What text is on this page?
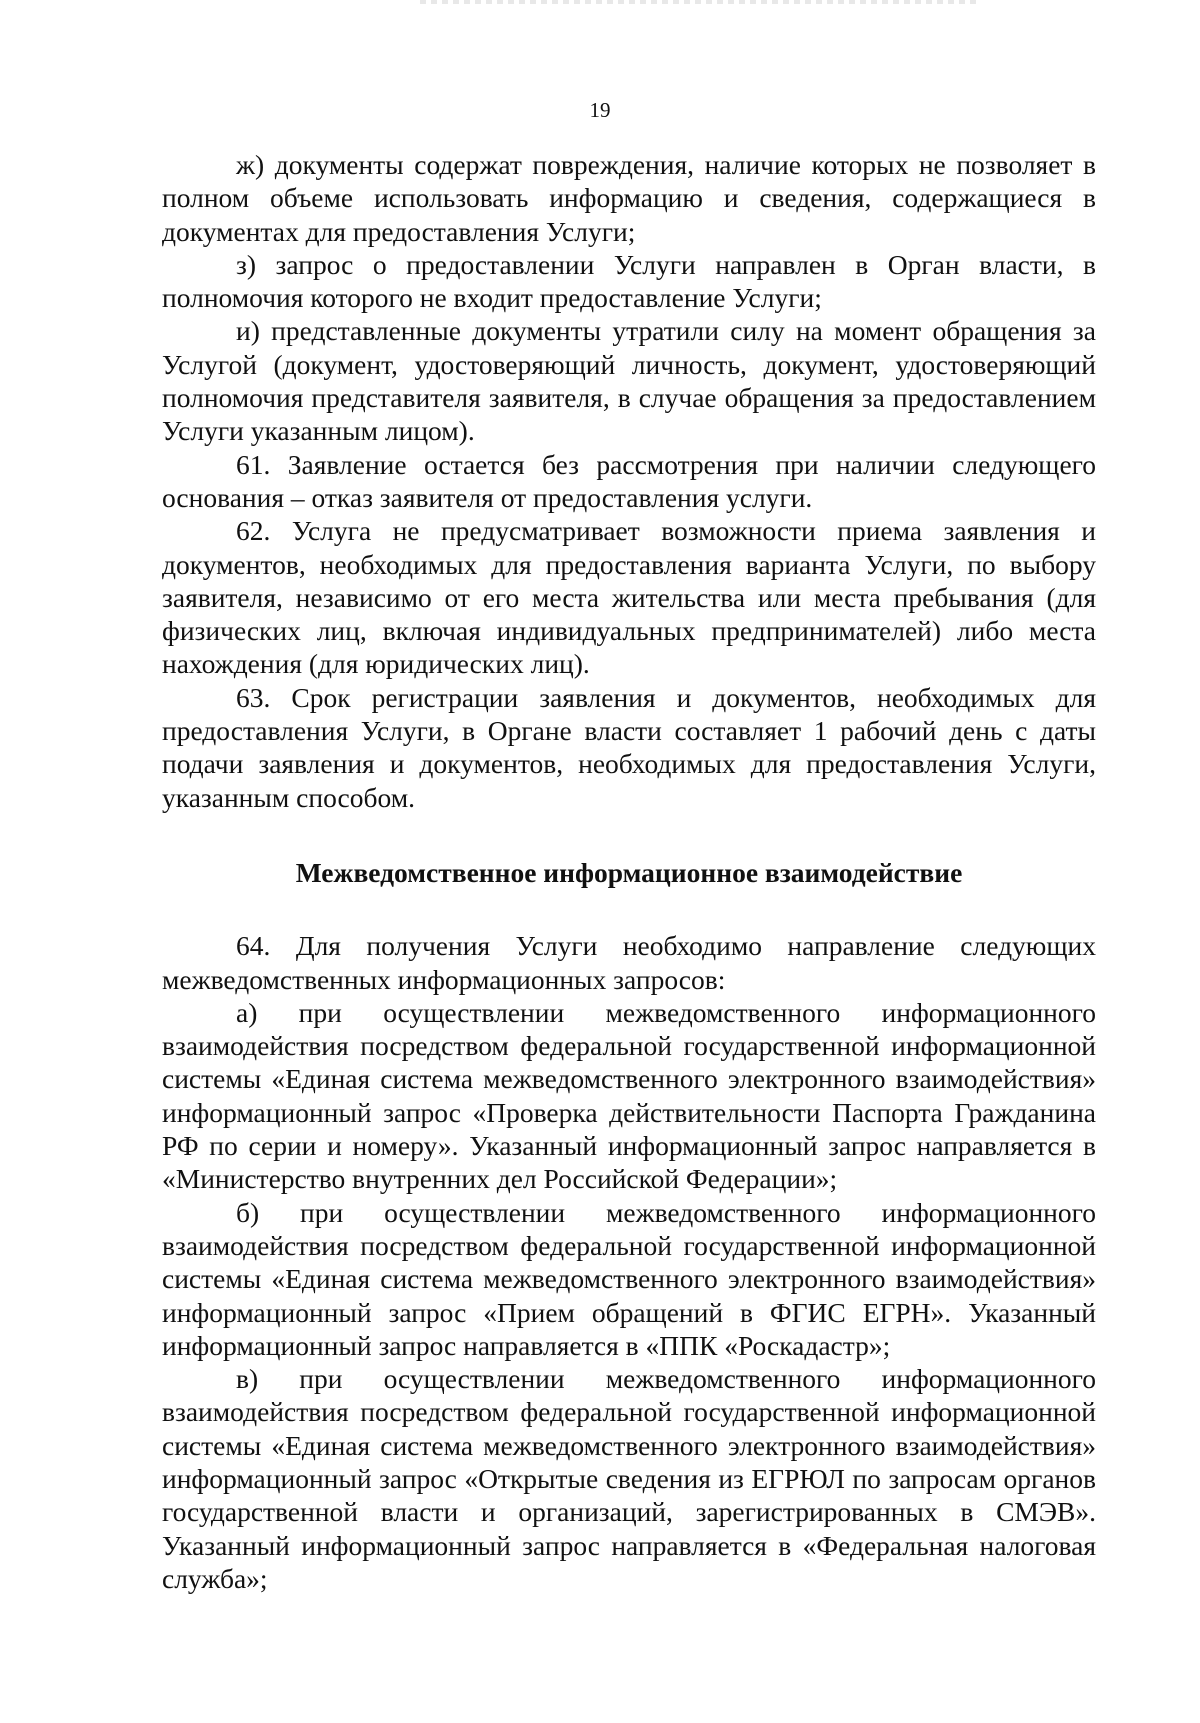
19

ж) документы содержат повреждения, наличие которых не позволяет в полном объеме использовать информацию и сведения, содержащиеся в документах для предоставления Услуги;

з) запрос о предоставлении Услуги направлен в Орган власти, в полномочия которого не входит предоставление Услуги;

и) представленные документы утратили силу на момент обращения за Услугой (документ, удостоверяющий личность, документ, удостоверяющий полномочия представителя заявителя, в случае обращения за предоставлением Услуги указанным лицом).

61. Заявление остается без рассмотрения при наличии следующего основания – отказ заявителя от предоставления услуги.

62. Услуга не предусматривает возможности приема заявления и документов, необходимых для предоставления варианта Услуги, по выбору заявителя, независимо от его места жительства или места пребывания (для физических лиц, включая индивидуальных предпринимателей) либо места нахождения (для юридических лиц).

63. Срок регистрации заявления и документов, необходимых для предоставления Услуги, в Органе власти составляет 1 рабочий день с даты подачи заявления и документов, необходимых для предоставления Услуги, указанным способом.

Межведомственное информационное взаимодействие

64. Для получения Услуги необходимо направление следующих межведомственных информационных запросов:

а) при осуществлении межведомственного информационного взаимодействия посредством федеральной государственной информационной системы «Единая система межведомственного электронного взаимодействия» информационный запрос «Проверка действительности Паспорта Гражданина РФ по серии и номеру». Указанный информационный запрос направляется в «Министерство внутренних дел Российской Федерации»;

б) при осуществлении межведомственного информационного взаимодействия посредством федеральной государственной информационной системы «Единая система межведомственного электронного взаимодействия» информационный запрос «Прием обращений в ФГИС ЕГРН». Указанный информационный запрос направляется в «ППК «Роскадастр»;

в) при осуществлении межведомственного информационного взаимодействия посредством федеральной государственной информационной системы «Единая система межведомственного электронного взаимодействия» информационный запрос «Открытые сведения из ЕГРЮЛ по запросам органов государственной власти и организаций, зарегистрированных в СМЭВ». Указанный информационный запрос направляется в «Федеральная налоговая служба»;
